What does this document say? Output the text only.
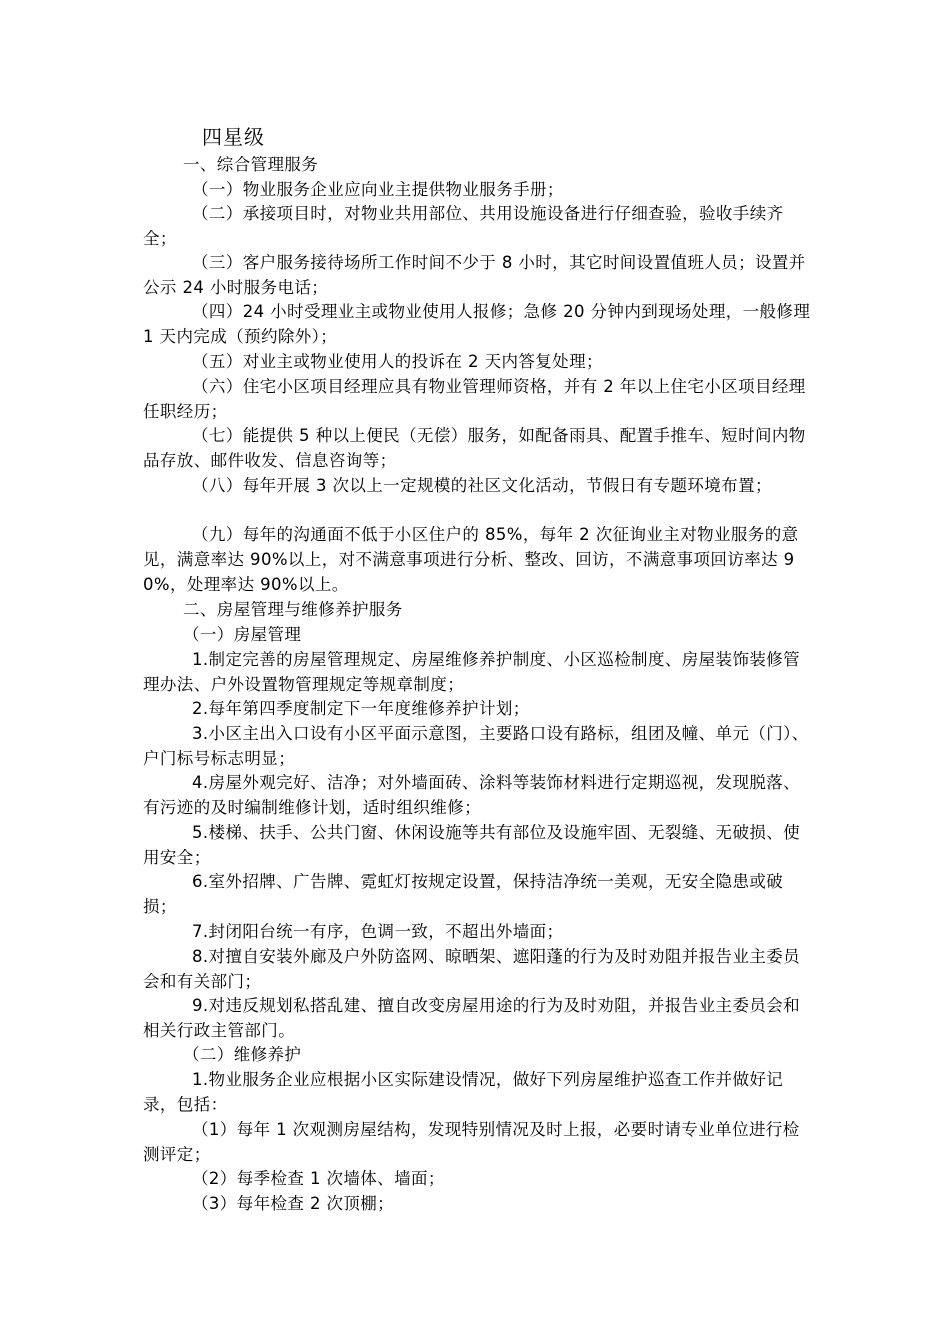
四星级
一、综合管理服务
（一）物业服务企业应向业主提供物业服务手册；
（二）承接项目时，对物业共用部位、共用设施设备进行仔细查验，验收手续齐全；
（三）客户服务接待场所工作时间不少于 8 小时，其它时间设置值班人员；设置并公示 24 小时服务电话；
（四）24 小时受理业主或物业使用人报修；急修 20 分钟内到现场处理，一般修理 1 天内完成（预约除外）；
（五）对业主或物业使用人的投诉在 2 天内答复处理；
（六）住宅小区项目经理应具有物业管理师资格，并有 2 年以上住宅小区项目经理任职经历；
（七）能提供 5 种以上便民（无偿）服务，如配备雨具、配置手推车、短时间内物品存放、邮件收发、信息咨询等；
（八）每年开展 3 次以上一定规模的社区文化活动，节假日有专题环境布置；
（九）每年的沟通面不低于小区住户的 85%，每年 2 次征询业主对物业服务的意见，满意率达 90%以上，对不满意事项进行分析、整改、回访，不满意事项回访率达 90%，处理率达 90%以上。
二、房屋管理与维修养护服务
（一）房屋管理
1.制定完善的房屋管理规定、房屋维修养护制度、小区巡检制度、房屋装饰装修管理办法、户外设置物管理规定等规章制度；
2.每年第四季度制定下一年度维修养护计划；
3.小区主出入口设有小区平面示意图，主要路口设有路标，组团及幢、单元（门）、户门标号标志明显；
4.房屋外观完好、洁净；对外墙面砖、涂料等装饰材料进行定期巡视，发现脱落、有污迹的及时编制维修计划，适时组织维修；
5.楼梯、扶手、公共门窗、休闲设施等共有部位及设施牢固、无裂缝、无破损、使用安全；
6.室外招牌、广告牌、霓虹灯按规定设置，保持洁净统一美观，无安全隐患或破损；
7.封闭阳台统一有序，色调一致，不超出外墙面；
8.对擅自安装外廊及户外防盗网、晾晒架、遮阳蓬的行为及时劝阻并报告业主委员会和有关部门；
9.对违反规划私搭乱建、擅自改变房屋用途的行为及时劝阻，并报告业主委员会和相关行政主管部门。
（二）维修养护
1.物业服务企业应根据小区实际建设情况，做好下列房屋维护巡查工作并做好记录，包括：
（1）每年 1 次观测房屋结构，发现特别情况及时上报，必要时请专业单位进行检测评定；
（2）每季检查 1 次墙体、墙面；
（3）每年检查 2 次顶棚；
